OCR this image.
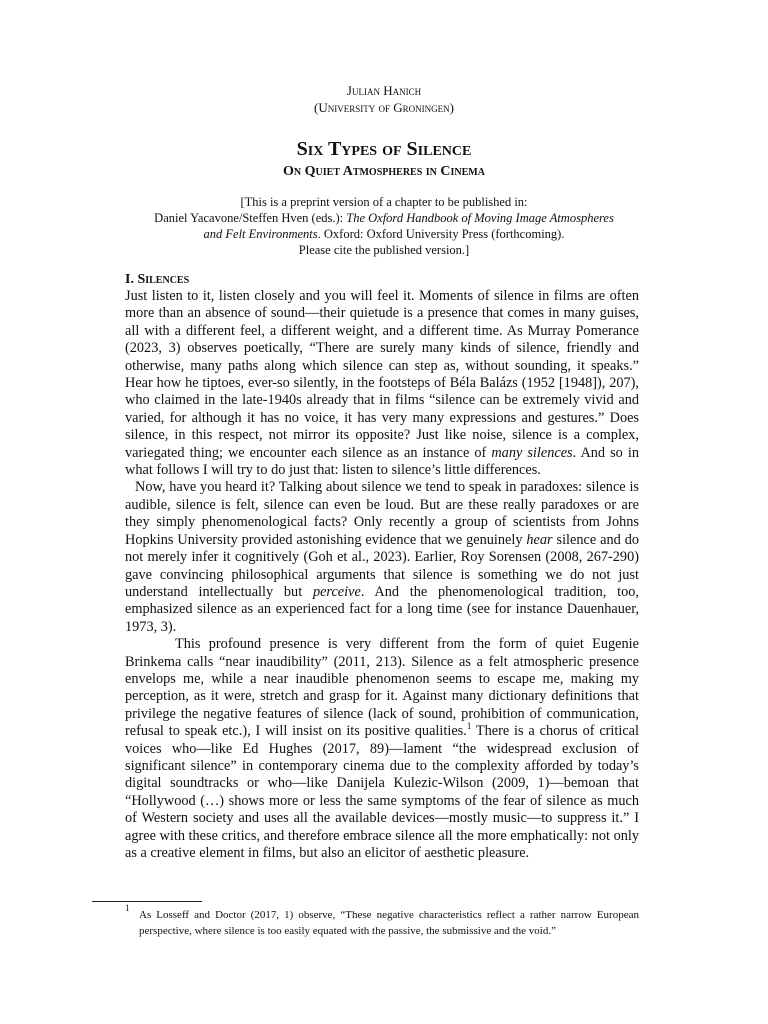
Julian Hanich
(University of Groningen)
Six Types of Silence
On Quiet Atmospheres in Cinema
[This is a preprint version of a chapter to be published in:
Daniel Yacavone/Steffen Hven (eds.): The Oxford Handbook of Moving Image Atmospheres
and Felt Environments. Oxford: Oxford University Press (forthcoming).
Please cite the published version.]
I. Silences

Just listen to it, listen closely and you will feel it. Moments of silence in films are often more than an absence of sound—their quietude is a presence that comes in many guises, all with a different feel, a different weight, and a different time. As Murray Pomerance (2023, 3) observes poetically, “There are surely many kinds of silence, friendly and otherwise, many paths along which silence can step as, without sounding, it speaks.” Hear how he tiptoes, ever-so silently, in the footsteps of Béla Balázs (1952 [1948]), 207), who claimed in the late-1940s already that in films “silence can be extremely vivid and varied, for although it has no voice, it has very many expressions and gestures.” Does silence, in this respect, not mirror its opposite? Just like noise, silence is a complex, variegated thing; we encounter each silence as an instance of many silences. And so in what follows I will try to do just that: listen to silence’s little differences.

Now, have you heard it? Talking about silence we tend to speak in paradoxes: silence is audible, silence is felt, silence can even be loud. But are these really paradoxes or are they simply phenomenological facts? Only recently a group of scientists from Johns Hopkins University provided astonishing evidence that we genuinely hear silence and do not merely infer it cognitively (Goh et al., 2023). Earlier, Roy Sorensen (2008, 267-290) gave convincing philosophical arguments that silence is something we do not just understand intellectually but perceive. And the phenomenological tradition, too, emphasized silence as an experienced fact for a long time (see for instance Dauenhauer, 1973, 3).

This profound presence is very different from the form of quiet Eugenie Brinkema calls “near inaudibility” (2011, 213). Silence as a felt atmospheric presence envelops me, while a near inaudible phenomenon seems to escape me, making my perception, as it were, stretch and grasp for it. Against many dictionary definitions that privilege the negative features of silence (lack of sound, prohibition of communication, refusal to speak etc.), I will insist on its positive qualities.$^1$ There is a chorus of critical voices who—like Ed Hughes (2017, 89)—lament “the widespread exclusion of significant silence” in contemporary cinema due to the complexity afforded by today’s digital soundtracks or who—like Danijela Kulezic-Wilson (2009, 1)—bemoan that “Hollywood (…) shows more or less the same symptoms of the fear of silence as much of Western society and uses all the available devices—mostly music—to suppress it.” I agree with these critics, and therefore embrace silence all the more emphatically: not only as a creative element in films, but also an elicitor of aesthetic pleasure.

1
As Losseff and Doctor (2017, 1) observe, “These negative characteristics reflect a rather narrow European perspective, where silence is too easily equated with the passive, the submissive and the void.”
